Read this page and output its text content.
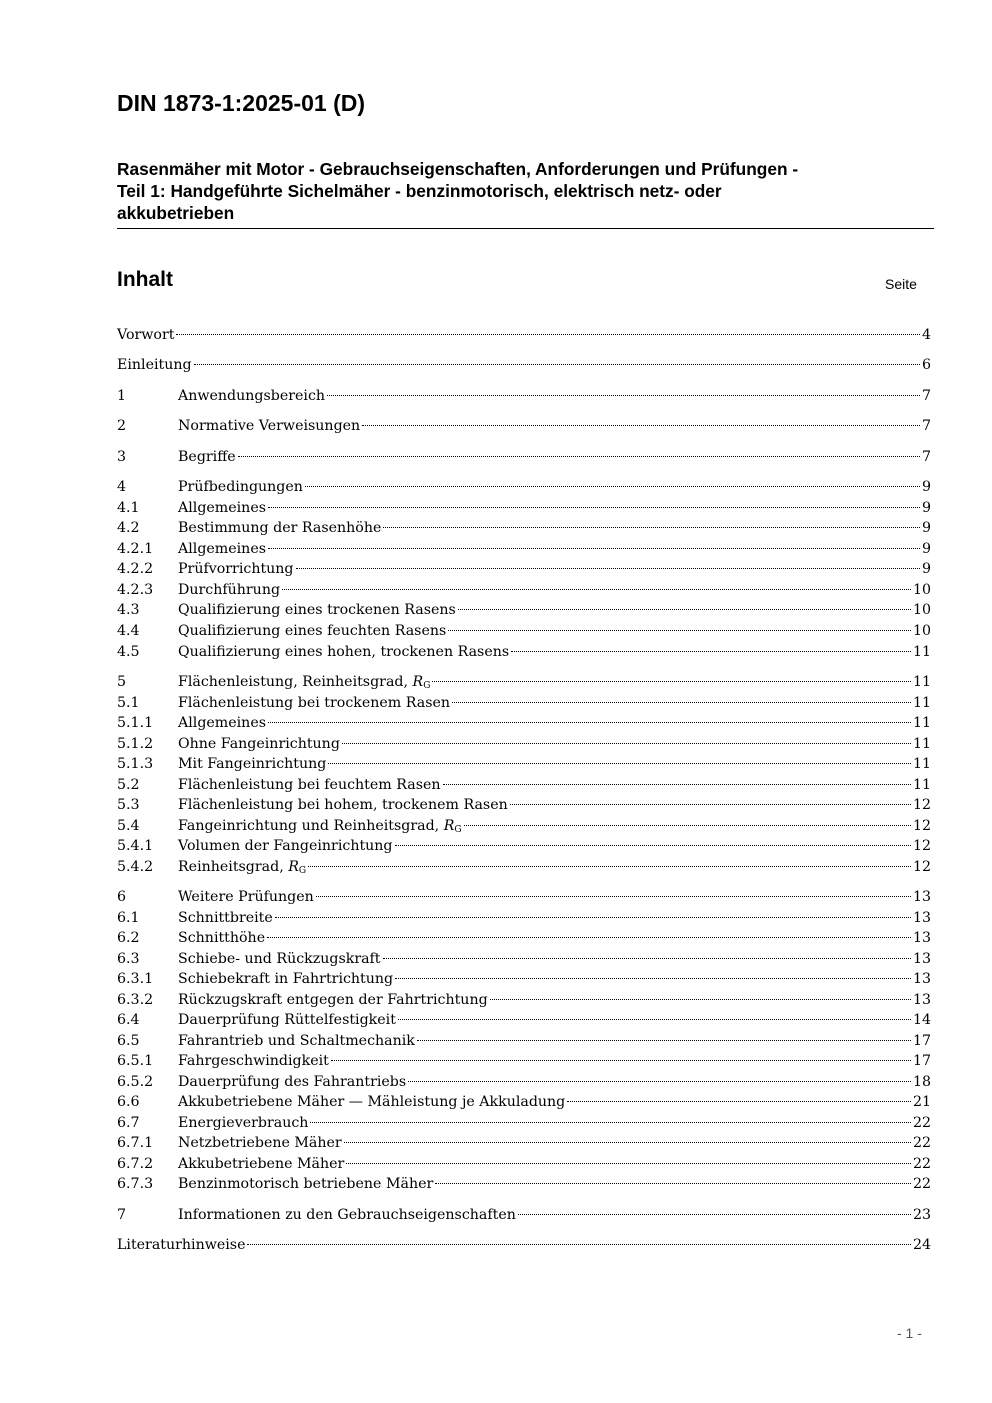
DIN 1873-1:2025-01 (D)
Rasenmäher mit Motor - Gebrauchseigenschaften, Anforderungen und Prüfungen -
Teil 1: Handgeführte Sichelmäher - benzinmotorisch, elektrisch netz- oder
akkubetrieben
Inhalt	Seite
Vorwort	4
Einleitung	6
1	Anwendungsbereich	7
2	Normative Verweisungen	7
3	Begriffe	7
4	Prüfbedingungen	9
4.1	Allgemeines	9
4.2	Bestimmung der Rasenhöhe	9
4.2.1	Allgemeines	9
4.2.2	Prüfvorrichtung	9
4.2.3	Durchführung	10
4.3	Qualifizierung eines trockenen Rasens	10
4.4	Qualifizierung eines feuchten Rasens	10
4.5	Qualifizierung eines hohen, trockenen Rasens	11
5	Flächenleistung, Reinheitsgrad, $R_G$	11
5.1	Flächenleistung bei trockenem Rasen	11
5.1.1	Allgemeines	11
5.1.2	Ohne Fangeinrichtung	11
5.1.3	Mit Fangeinrichtung	11
5.2	Flächenleistung bei feuchtem Rasen	11
5.3	Flächenleistung bei hohem, trockenem Rasen	12
5.4	Fangeinrichtung und Reinheitsgrad, $R_G$	12
5.4.1	Volumen der Fangeinrichtung	12
5.4.2	Reinheitsgrad, $R_G$	12
6	Weitere Prüfungen	13
6.1	Schnittbreite	13
6.2	Schnitthöhe	13
6.3	Schiebe- und Rückzugskraft	13
6.3.1	Schiebekraft in Fahrtrichtung	13
6.3.2	Rückzugskraft entgegen der Fahrtrichtung	13
6.4	Dauerprüfung Rüttelfestigkeit	14
6.5	Fahrantrieb und Schaltmechanik	17
6.5.1	Fahrgeschwindigkeit	17
6.5.2	Dauerprüfung des Fahrantriebs	18
6.6	Akkubetriebene Mäher — Mähleistung je Akkuladung	21
6.7	Energieverbrauch	22
6.7.1	Netzbetriebene Mäher	22
6.7.2	Akkubetriebene Mäher	22
6.7.3	Benzinmotorisch betriebene Mäher	22
7	Informationen zu den Gebrauchseigenschaften	23
Literaturhinweise	24
- 1 -
